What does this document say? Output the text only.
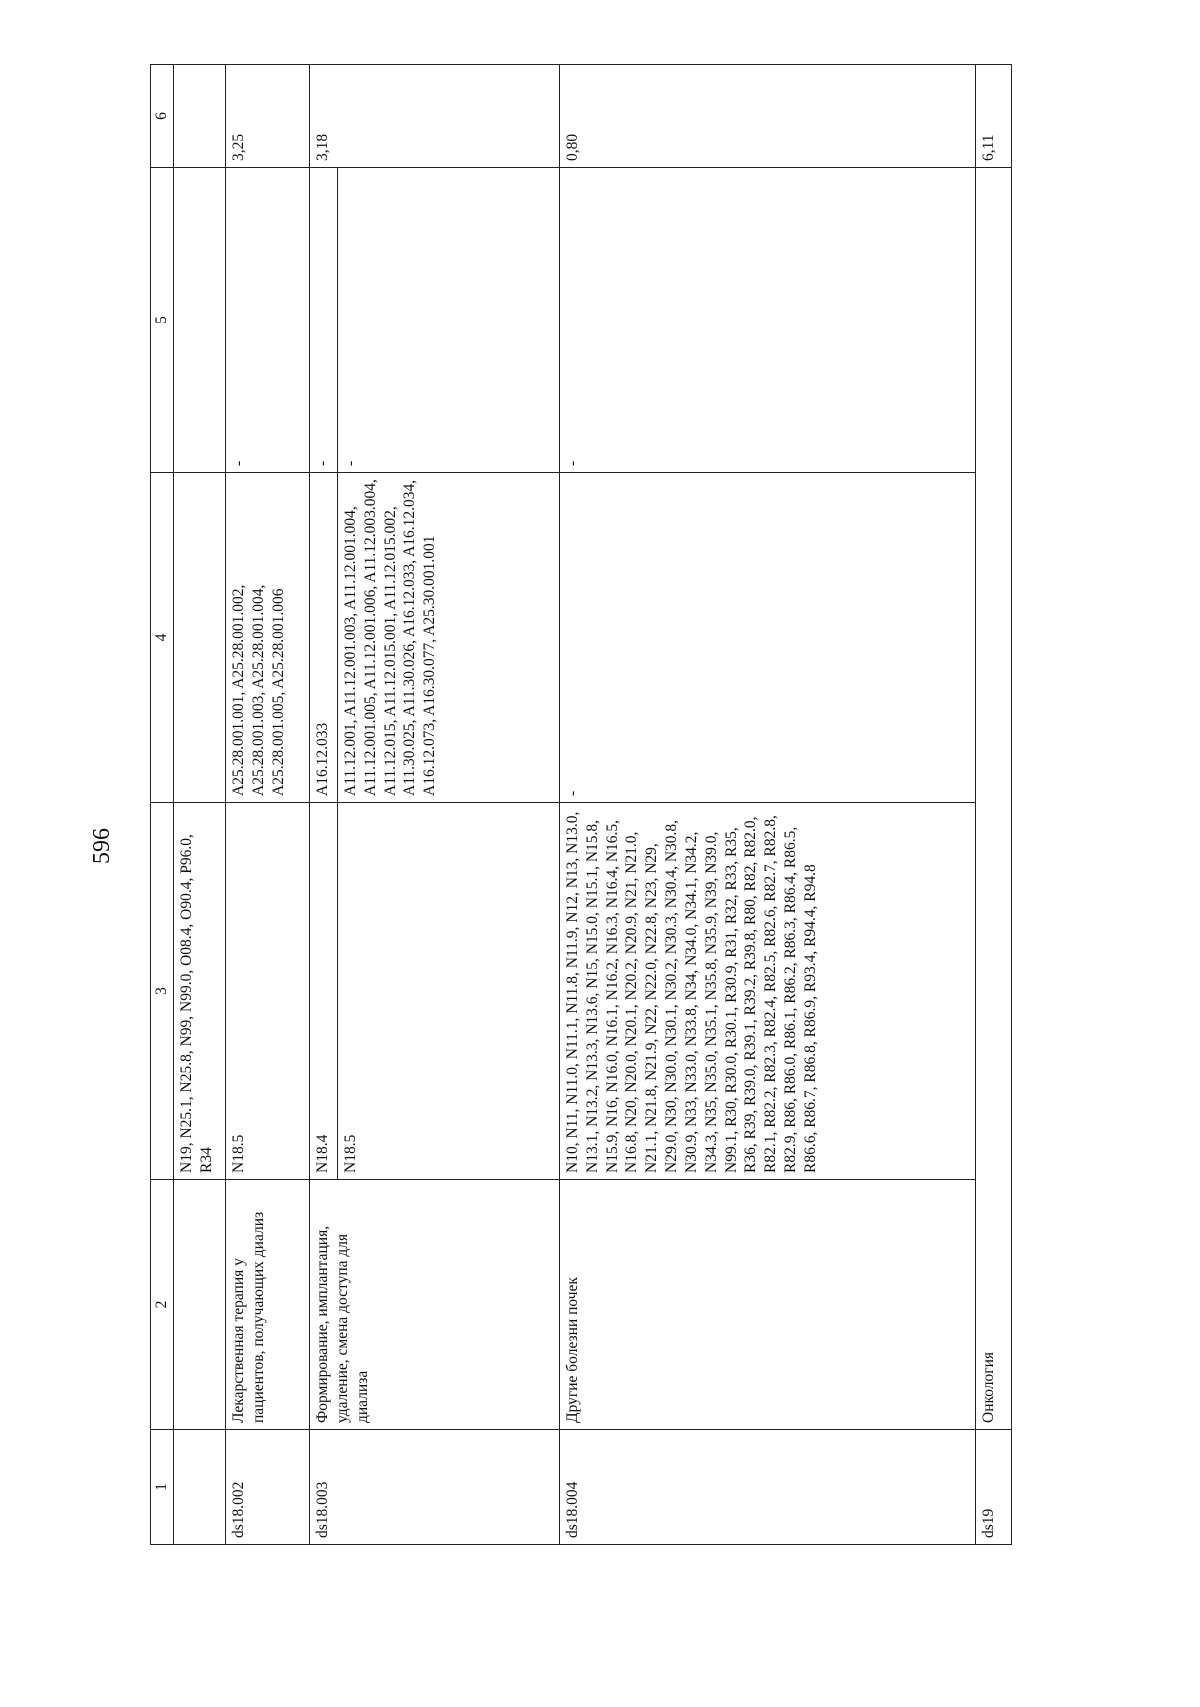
596
1	2	3	4	5	6
		N19, N25.1, N25.8, N99, N99.0, O08.4, O90.4, P96.0, R34			
ds18.002	Лекарственная терапия у пациентов, получающих диализ	N18.5	A25.28.001.001, A25.28.001.002, A25.28.001.003, A25.28.001.004, A25.28.001.005, A25.28.001.006	-	3,25
ds18.003	Формирование, имплантация, удаление, смена доступа для диализа	N18.4	A16.12.033	-	3,18
		N18.5	A11.12.001, A11.12.001.003, A11.12.001.004, A11.12.001.005, A11.12.001.006, A11.12.003.004, A11.12.015, A11.12.015.001, A11.12.015.002, A11.30.025, A11.30.026, A16.12.033, A16.12.034, A16.12.073, A16.30.077, A25.30.001.001	-	
ds18.004	Другие болезни почек	N10, N11, N11.0, N11.1, N11.8, N11.9, N12, N13, N13.0, N13.1, N13.2, N13.3, N13.6, N15, N15.0, N15.1, N15.8, N15.9, N16, N16.0, N16.1, N16.2, N16.3, N16.4, N16.5, N16.8, N20, N20.0, N20.1, N20.2, N20.9, N21, N21.0, N21.1, N21.8, N21.9, N22, N22.0, N22.8, N23, N29, N29.0, N30, N30.0, N30.1, N30.2, N30.3, N30.4, N30.8, N30.9, N33, N33.0, N33.8, N34, N34.0, N34.1, N34.2, N34.3, N35, N35.0, N35.1, N35.8, N35.9, N39, N39.0, N99.1, R30, R30.0, R30.1, R30.9, R31, R32, R33, R35, R36, R39, R39.0, R39.1, R39.2, R39.8, R80, R82, R82.0, R82.1, R82.2, R82.3, R82.4, R82.5, R82.6, R82.7, R82.8, R82.9, R86, R86.0, R86.1, R86.2, R86.3, R86.4, R86.5, R86.6, R86.7, R86.8, R86.9, R93.4, R94.4, R94.8	-	-	0,80
ds19	Онкология				6,11
